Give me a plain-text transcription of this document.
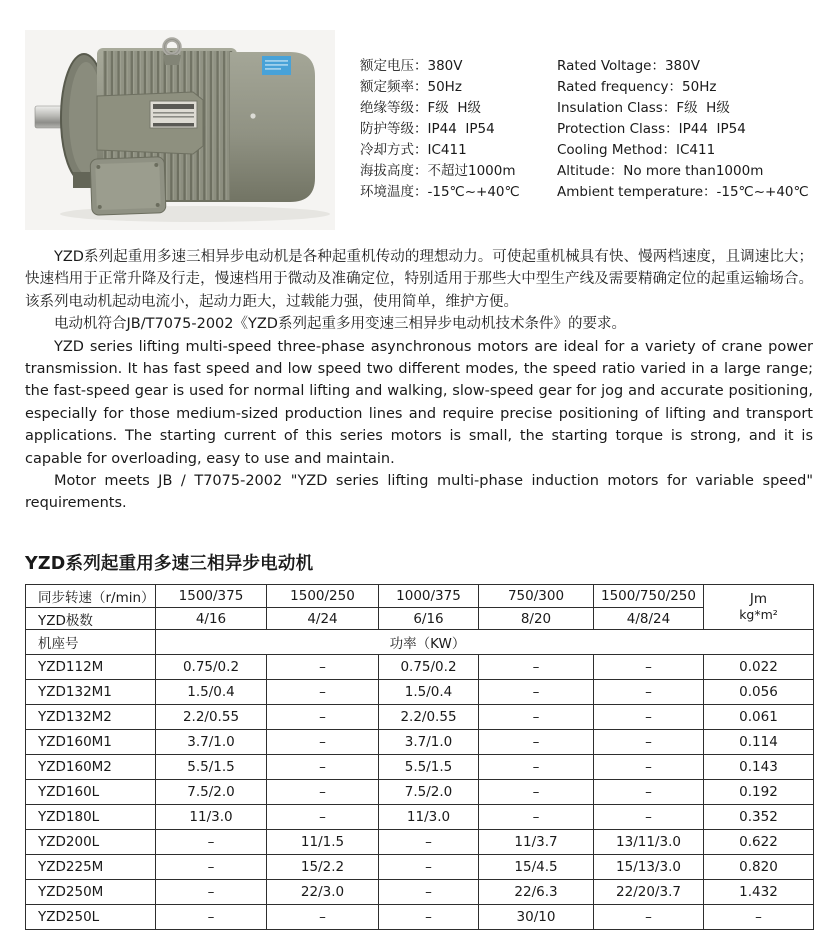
额定电压：380V
额定频率：50Hz
绝缘等级：F级  H级
防护等级：IP44  IP54
冷却方式：IC411
海拔高度：不超过1000m
环境温度：-15℃~+40℃
Rated Voltage：380V
Rated frequency：50Hz
Insulation Class：F级  H级
Protection Class：IP44  IP54
Cooling Method：IC411
Altitude：No more than1000m
Ambient temperature：-15℃~+40℃

YZD系列起重用多速三相异步电动机是各种起重机传动的理想动力。可使起重机械具有快、慢两档速度，且调速比大；快速档用于正常升降及行走，慢速档用于微动及准确定位，特别适用于那些大中型生产线及需要精确定位的起重运输场合。该系列电动机起动电流小，起动力距大，过载能力强，使用简单，维护方便。

电动机符合JB/T7075-2002《YZD系列起重多用变速三相异步电动机技术条件》的要求。

YZD series lifting multi-speed three-phase asynchronous motors are ideal for a variety of crane power transmission. It has fast speed and low speed two different modes, the speed ratio varied in a large range; the fast-speed gear is used for normal lifting and walking, slow-speed gear for jog and accurate positioning, especially for those medium-sized production lines and require precise positioning of lifting and transport applications. The starting current of this series motors is small, the starting torque is strong, and it is capable for overloading, easy to use and maintain.

Motor meets JB / T7075-2002 "YZD series lifting multi-phase induction motors for variable speed" requirements.

YZD系列起重用多速三相异步电动机
同步转速（r/min）	1500/375	1500/250	1000/375	750/300	1500/750/250	Jm
kg*m²

YZD极数	4/16	4/24	6/16	8/20	4/8/24	
机座号	功率（KW）					
YZD112M	0.75/0.2	–	0.75/0.2	–	–	0.022
YZD132M1	1.5/0.4	–	1.5/0.4	–	–	0.056
YZD132M2	2.2/0.55	–	2.2/0.55	–	–	0.061
YZD160M1	3.7/1.0	–	3.7/1.0	–	–	0.114
YZD160M2	5.5/1.5	–	5.5/1.5	–	–	0.143
YZD160L	7.5/2.0	–	7.5/2.0	–	–	0.192
YZD180L	11/3.0	–	11/3.0	–	–	0.352
YZD200L	–	11/1.5	–	11/3.7	13/11/3.0	0.622
YZD225M	–	15/2.2	–	15/4.5	15/13/3.0	0.820
YZD250M	–	22/3.0	–	22/6.3	22/20/3.7	1.432
YZD250L	–	–	–	30/10	–	–
